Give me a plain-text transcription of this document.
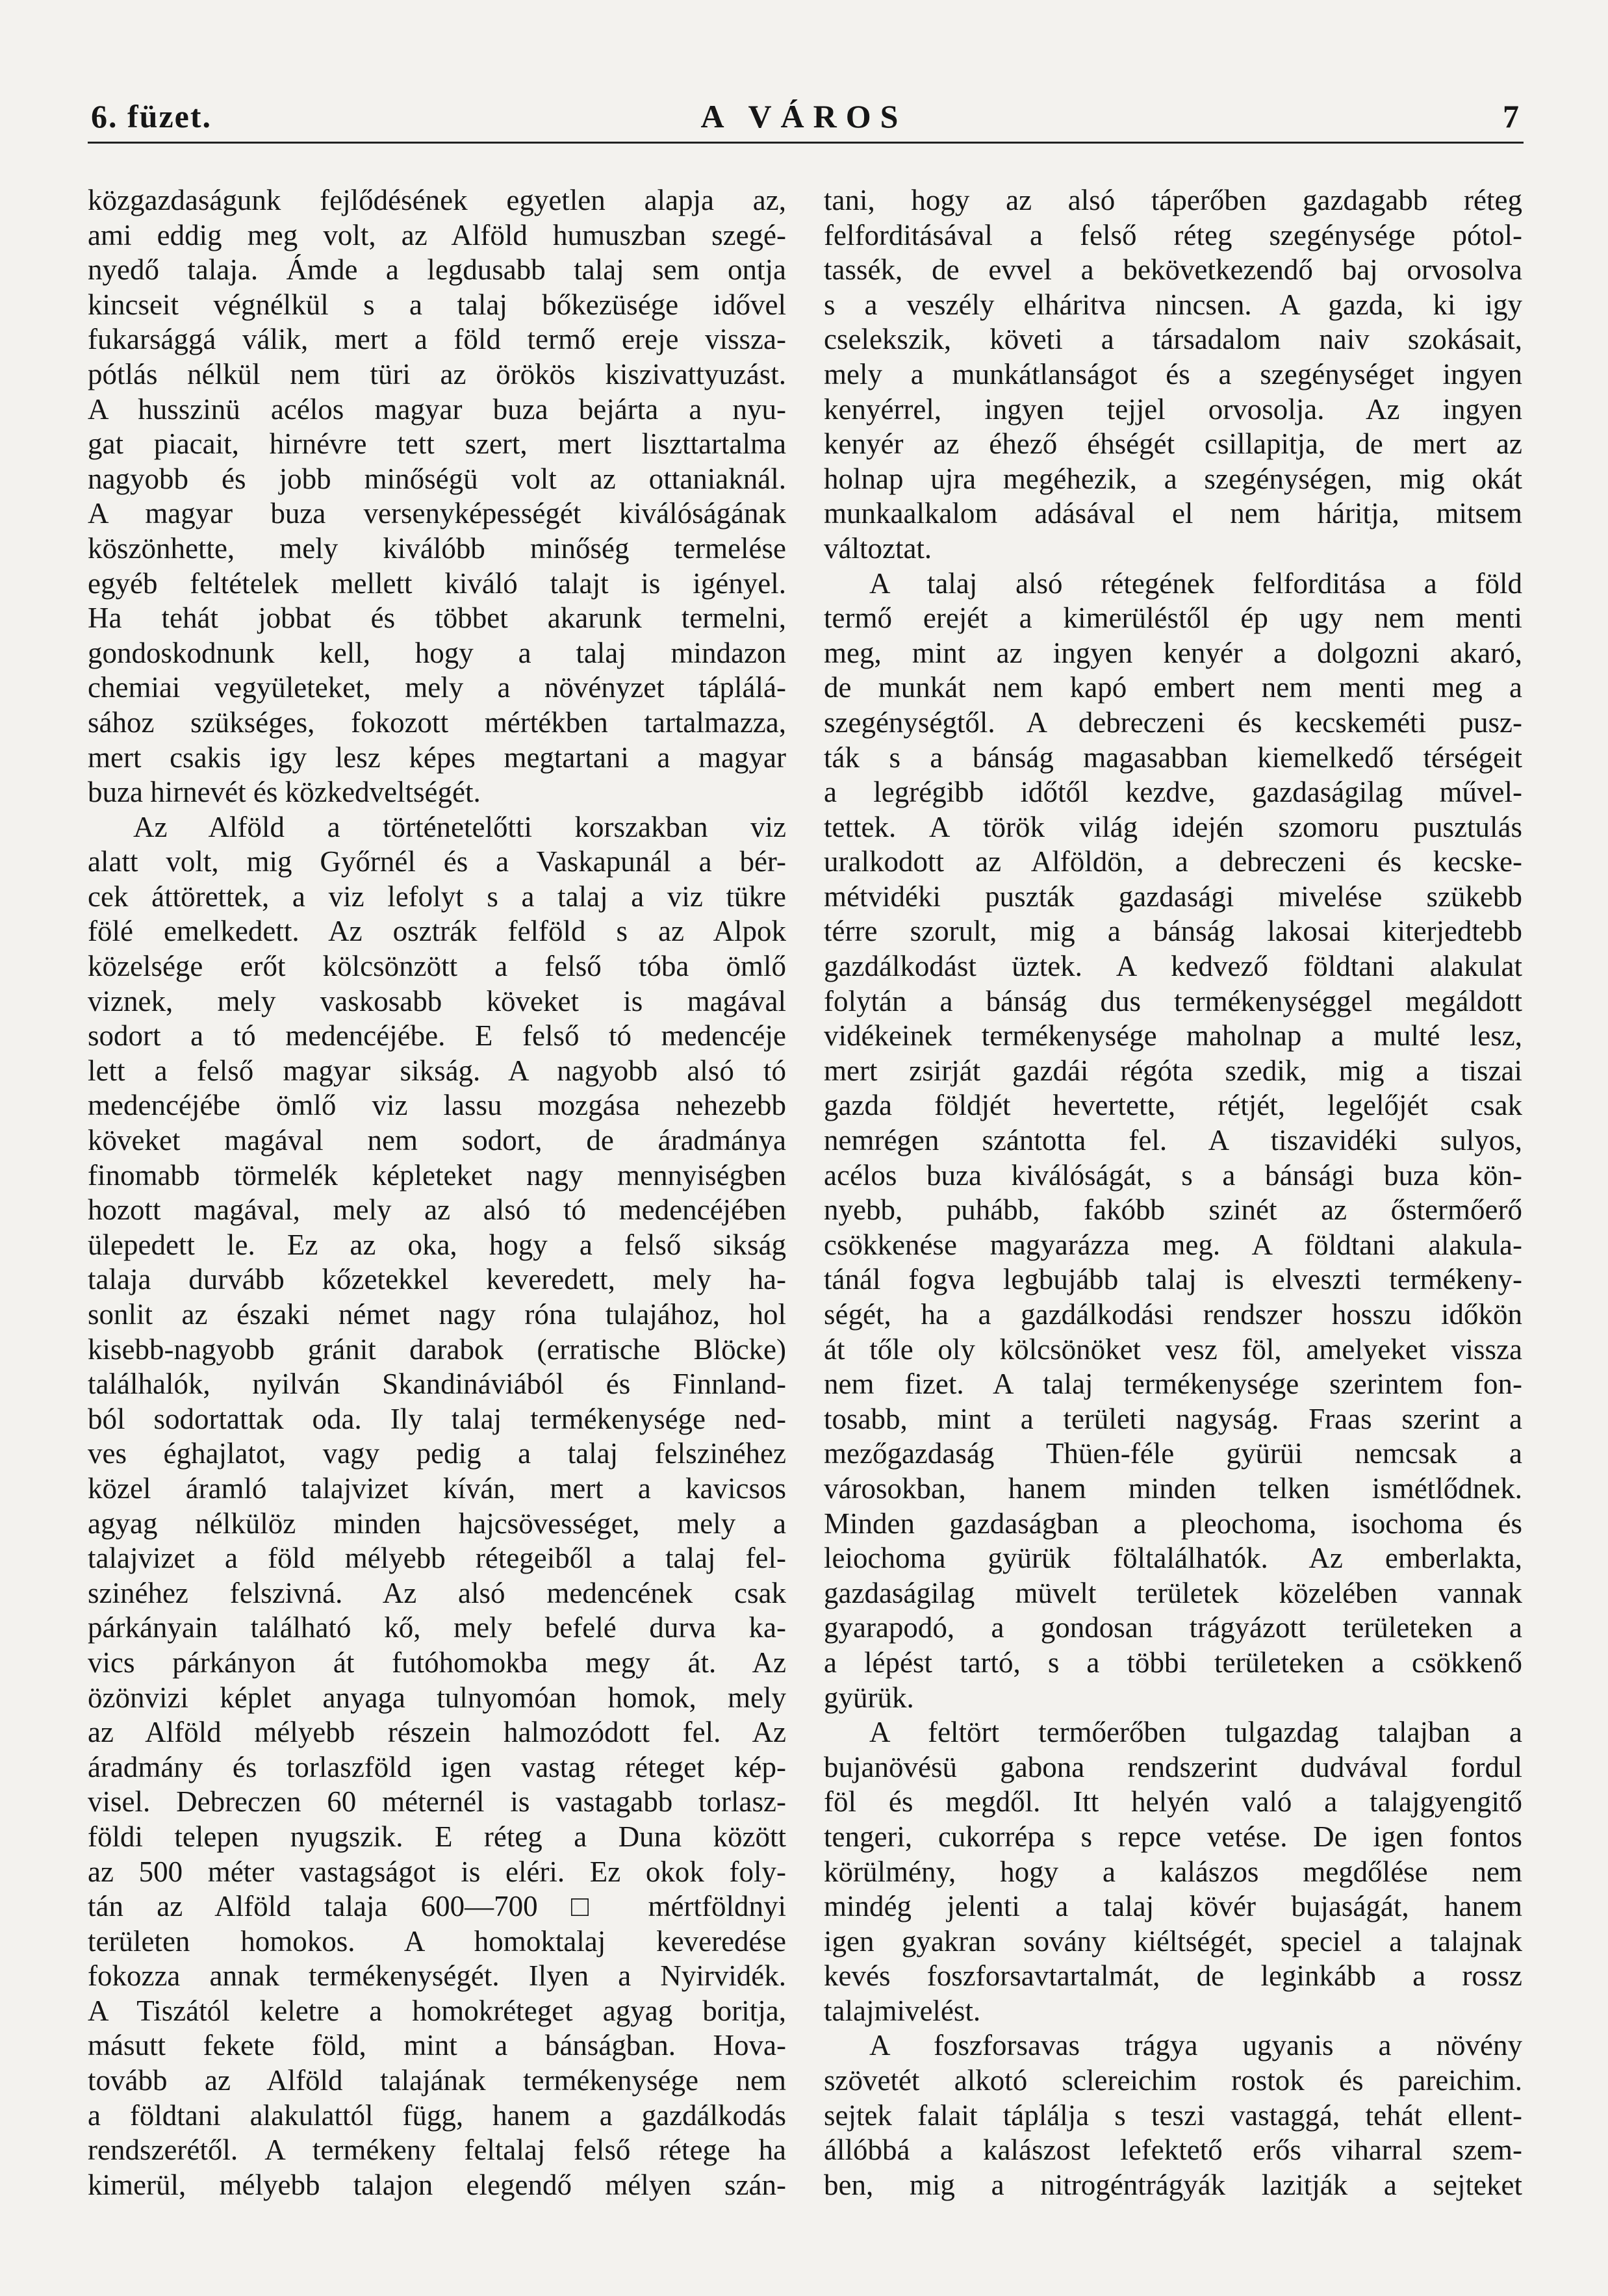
6. füzet.	A VÁROS	7
közgazdaságunk fejlődésének egyetlen alapja az,
ami eddig meg volt, az Alföld humuszban szegé-
nyedő talaja. Ámde a legdusabb talaj sem ontja
kincseit végnélkül s a talaj bőkezüsége idővel
fukarsággá válik, mert a föld termő ereje vissza-
pótlás nélkül nem türi az örökös kiszivattyuzást.
A husszinü acélos magyar buza bejárta a nyu-
gat piacait, hirnévre tett szert, mert liszttartalma
nagyobb és jobb minőségü volt az ottaniaknál.
A magyar buza versenyképességét kiválóságának
köszönhette, mely kiválóbb minőség termelése
egyéb feltételek mellett kiváló talajt is igényel.
Ha tehát jobbat és többet akarunk termelni,
gondoskodnunk kell, hogy a talaj mindazon
chemiai vegyületeket, mely a növényzet táplálá-
sához szükséges, fokozott mértékben tartalmazza,
mert csakis igy lesz képes megtartani a magyar
buza hirnevét és közkedveltségét.
Az Alföld a történetelőtti korszakban viz
alatt volt, mig Győrnél és a Vaskapunál a bér-
cek áttörettek, a viz lefolyt s a talaj a viz tükre
fölé emelkedett. Az osztrák felföld s az Alpok
közelsége erőt kölcsönzött a felső tóba ömlő
viznek, mely vaskosabb köveket is magával
sodort a tó medencéjébe. E felső tó medencéje
lett a felső magyar sikság. A nagyobb alsó tó
medencéjébe ömlő viz lassu mozgása nehezebb
köveket magával nem sodort, de áradmánya
finomabb törmelék képleteket nagy mennyiségben
hozott magával, mely az alsó tó medencéjében
ülepedett le. Ez az oka, hogy a felső sikság
talaja durvább kőzetekkel keveredett, mely ha-
sonlit az északi német nagy róna tulajához, hol
kisebb-nagyobb gránit darabok (erratische Blöcke)
találhalók, nyilván Skandináviából és Finnland-
ból sodortattak oda. Ily talaj termékenysége ned-
ves éghajlatot, vagy pedig a talaj felszinéhez
közel áramló talajvizet kíván, mert a kavicsos
agyag nélkülöz minden hajcsövességet, mely a
talajvizet a föld mélyebb rétegeiből a talaj fel-
szinéhez felszivná. Az alsó medencének csak
párkányain található kő, mely befelé durva ka-
vics párkányon át futóhomokba megy át. Az
özönvizi képlet anyaga tulnyomóan homok, mely
az Alföld mélyebb részein halmozódott fel. Az
áradmány és torlaszföld igen vastag réteget kép-
visel. Debreczen 60 méternél is vastagabb torlasz-
földi telepen nyugszik. E réteg a Duna között
az 500 méter vastagságot is eléri. Ez okok foly-
tán az Alföld talaja 600—700 □ mértföldnyi
területen homokos. A homoktalaj keveredése
fokozza annak termékenységét. Ilyen a Nyirvidék.
A Tiszától keletre a homokréteget agyag boritja,
másutt fekete föld, mint a bánságban. Hova-
tovább az Alföld talajának termékenysége nem
a földtani alakulattól függ, hanem a gazdálkodás
rendszerétől. A termékeny feltalaj felső rétege ha
kimerül, mélyebb talajon elegendő mélyen szán-
tani, hogy az alsó táperőben gazdagabb réteg
felforditásával a felső réteg szegénysége pótol-
tassék, de evvel a bekövetkezendő baj orvosolva
s a veszély elháritva nincsen. A gazda, ki igy
cselekszik, követi a társadalom naiv szokásait,
mely a munkátlanságot és a szegénységet ingyen
kenyérrel, ingyen tejjel orvosolja. Az ingyen
kenyér az éhező éhségét csillapitja, de mert az
holnap ujra megéhezik, a szegénységen, mig okát
munkaalkalom adásával el nem háritja, mitsem
változtat.
A talaj alsó rétegének felforditása a föld
termő erejét a kimerüléstől ép ugy nem menti
meg, mint az ingyen kenyér a dolgozni akaró,
de munkát nem kapó embert nem menti meg a
szegénységtől. A debreczeni és kecskeméti pusz-
ták s a bánság magasabban kiemelkedő térségeit
a legrégibb időtől kezdve, gazdaságilag művel-
tettek. A török világ idején szomoru pusztulás
uralkodott az Alföldön, a debreczeni és kecske-
métvidéki puszták gazdasági mivelése szükebb
térre szorult, mig a bánság lakosai kiterjedtebb
gazdálkodást üztek. A kedvező földtani alakulat
folytán a bánság dus termékenységgel megáldott
vidékeinek termékenysége maholnap a multé lesz,
mert zsirját gazdái régóta szedik, mig a tiszai
gazda földjét hevertette, rétjét, legelőjét csak
nemrégen szántotta fel. A tiszavidéki sulyos,
acélos buza kiválóságát, s a bánsági buza kön-
nyebb, puhább, fakóbb szinét az őstermőerő
csökkenése magyarázza meg. A földtani alakula-
tánál fogva legbujább talaj is elveszti termékeny-
ségét, ha a gazdálkodási rendszer hosszu időkön
át tőle oly kölcsönöket vesz föl, amelyeket vissza
nem fizet. A talaj termékenysége szerintem fon-
tosabb, mint a területi nagyság. Fraas szerint a
mezőgazdaság Thüen-féle gyürüi nemcsak a
városokban, hanem minden telken ismétlődnek.
Minden gazdaságban a pleochoma, isochoma és
leiochoma gyürük föltalálhatók. Az emberlakta,
gazdaságilag müvelt területek közelében vannak
gyarapodó, a gondosan trágyázott területeken a
a lépést tartó, s a többi területeken a csökkenő
gyürük.
A feltört termőerőben tulgazdag talajban a
bujanövésü gabona rendszerint dudvával fordul
föl és megdől. Itt helyén való a talajgyengitő
tengeri, cukorrépa s repce vetése. De igen fontos
körülmény, hogy a kalászos megdőlése nem
mindég jelenti a talaj kövér bujaságát, hanem
igen gyakran sovány kiéltségét, speciel a talajnak
kevés foszforsavtartalmát, de leginkább a rossz
talajmivelést.
A foszforsavas trágya ugyanis a növény
szövetét alkotó sclereichim rostok és pareichim.
sejtek falait táplálja s teszi vastaggá, tehát ellent-
állóbbá a kalászost lefektető erős viharral szem-
ben, mig a nitrogéntrágyák lazitják a sejteket
